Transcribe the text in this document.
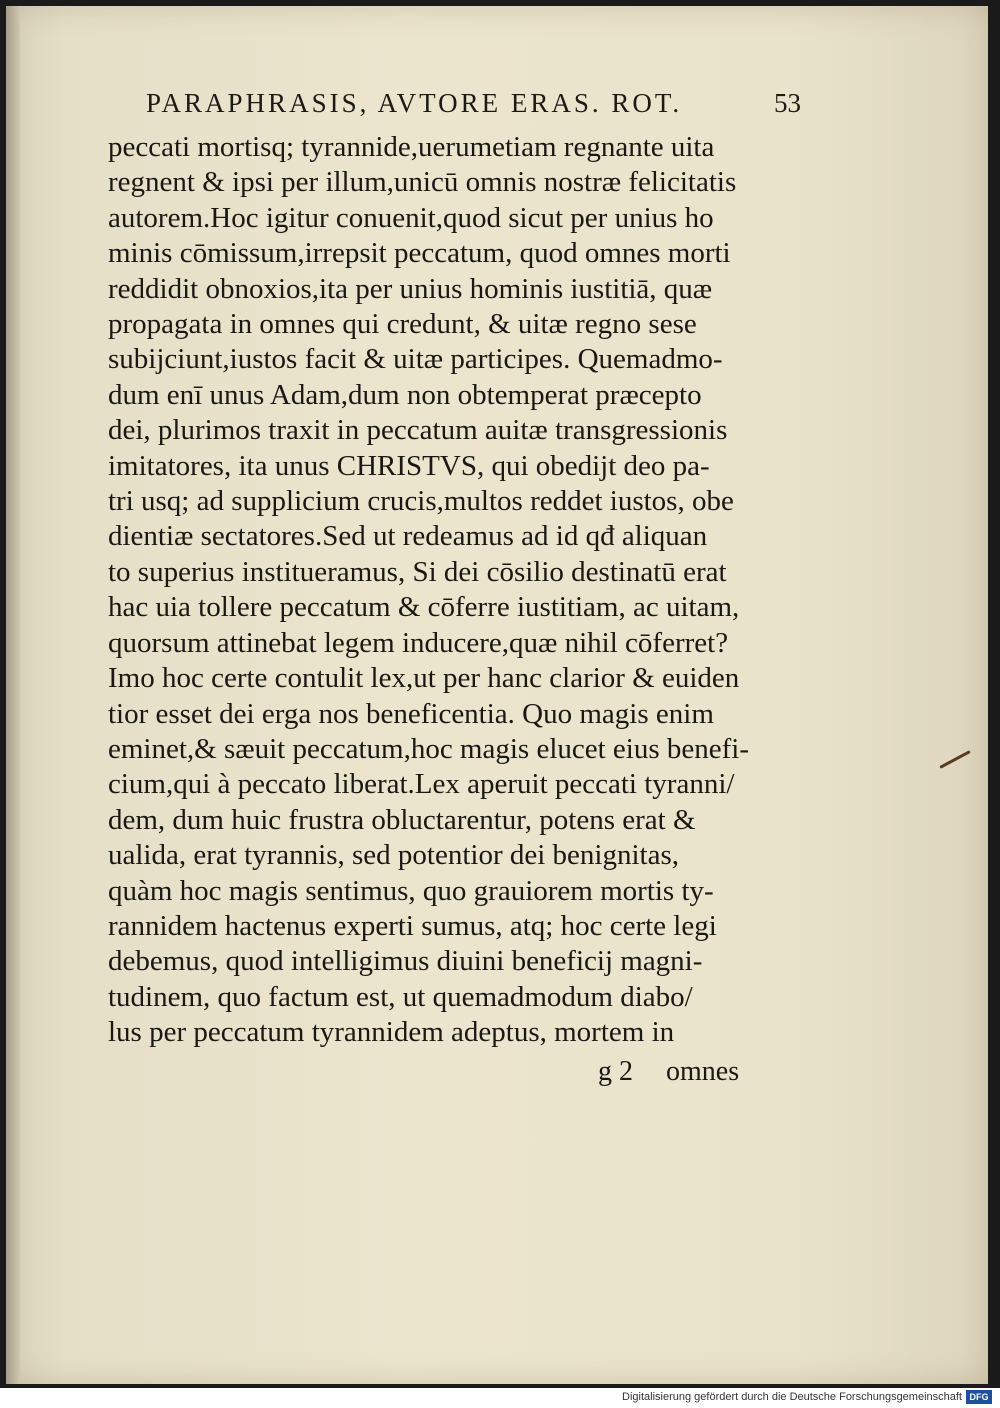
PARAPHRASIS, AVTORE ERAS. ROT.	53
peccati mortisq; tyrannide,uerumetiam regnante uita
regnent & ipsi per illum,unicū omnis nostræ felicitatis
autorem.Hoc igitur conuenit,quod sicut per unius ho
minis cōmissum,irrepsit peccatum, quod omnes morti
reddidit obnoxios,ita per unius hominis iustitiā, quæ
propagata in omnes qui credunt, & uitæ regno sese
subijciunt,iustos facit & uitæ participes. Quemadmo-
dum enī unus Adam,dum non obtemperat præcepto
dei, plurimos traxit in peccatum auitæ transgressionis
imitatores, ita unus CHRISTVS, qui obedijt deo pa-
tri usq; ad supplicium crucis,multos reddet iustos, obe
dientiæ sectatores.Sed ut redeamus ad id qđ aliquan
to superius institueramus, Si dei cōsilio destinatū erat
hac uia tollere peccatum & cōferre iustitiam, ac uitam,
quorsum attinebat legem inducere,quæ nihil cōferret?
Imo hoc certe contulit lex,ut per hanc clarior & euiden
tior esset dei erga nos beneficentia. Quo magis enim
eminet,& sæuit peccatum,hoc magis elucet eius benefi-
cium,qui à peccato liberat.Lex aperuit peccati tyranni/
dem, dum huic frustra obluctarentur, potens erat &
ualida, erat tyrannis, sed potentior dei benignitas,
quàm hoc magis sentimus, quo grauiorem mortis ty-
rannidem hactenus experti sumus, atq; hoc certe legi
debemus, quod intelligimus diuini beneficij magni-
tudinem, quo factum est, ut quemadmodum diabo/
lus per peccatum tyrannidem adeptus, mortem in
g 2 omnes
Digitalisierung gefördert durch die Deutsche Forschungsgemeinschaft DFG
